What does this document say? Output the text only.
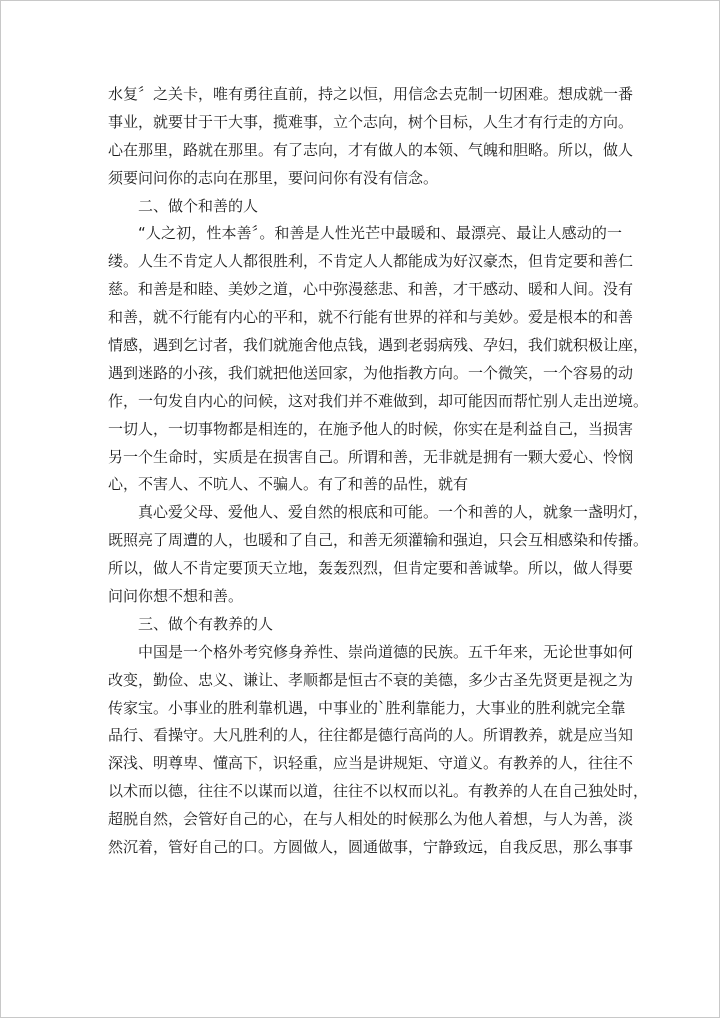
水复〞之关卡，唯有勇往直前，持之以恒，用信念去克制一切困难。想成就一番
事业，就要甘于干大事，揽难事，立个志向，树个目标，人生才有行走的方向。
心在那里，路就在那里。有了志向，才有做人的本领、气魄和胆略。所以，做人
须要问问你的志向在那里，要问问你有没有信念。
二、做个和善的人
“人之初，性本善〞。和善是人性光芒中最暖和、最漂亮、最让人感动的一
缕。人生不肯定人人都很胜利，不肯定人人都能成为好汉豪杰，但肯定要和善仁
慈。和善是和睦、美妙之道，心中弥漫慈悲、和善，才干感动、暖和人间。没有
和善，就不行能有内心的平和，就不行能有世界的祥和与美妙。爱是根本的和善
情感，遇到乞讨者，我们就施舍他点钱，遇到老弱病残、孕妇，我们就积极让座，
遇到迷路的小孩，我们就把他送回家，为他指教方向。一个微笑，一个容易的动
作，一句发自内心的问候，这对我们并不难做到，却可能因而帮忙别人走出逆境。
一切人，一切事物都是相连的，在施予他人的时候，你实在是利益自己，当损害
另一个生命时，实质是在损害自己。所谓和善，无非就是拥有一颗大爱心、怜悯
心，不害人、不吭人、不骗人。有了和善的品性，就有
真心爱父母、爱他人、爱自然的根底和可能。一个和善的人，就象一盏明灯，
既照亮了周遭的人，也暖和了自己，和善无须灌输和强迫，只会互相感染和传播。
所以，做人不肯定要顶天立地，轰轰烈烈，但肯定要和善诚挚。所以，做人得要
问问你想不想和善。
三、做个有教养的人
中国是一个格外考究修身养性、崇尚道德的民族。五千年来，无论世事如何
改变，勤俭、忠义、谦让、孝顺都是恒古不衰的美德，多少古圣先贤更是视之为
传家宝。小事业的胜利靠机遇，中事业的`胜利靠能力，大事业的胜利就完全靠
品行、看操守。大凡胜利的人，往往都是德行高尚的人。所谓教养，就是应当知
深浅、明尊卑、懂高下，识轻重，应当是讲规矩、守道义。有教养的人，往往不
以术而以德，往往不以谋而以道，往往不以权而以礼。有教养的人在自己独处时，
超脱自然，会管好自己的心，在与人相处的时候那么为他人着想，与人为善，淡
然沉着，管好自己的口。方圆做人，圆通做事，宁静致远，自我反思，那么事事
